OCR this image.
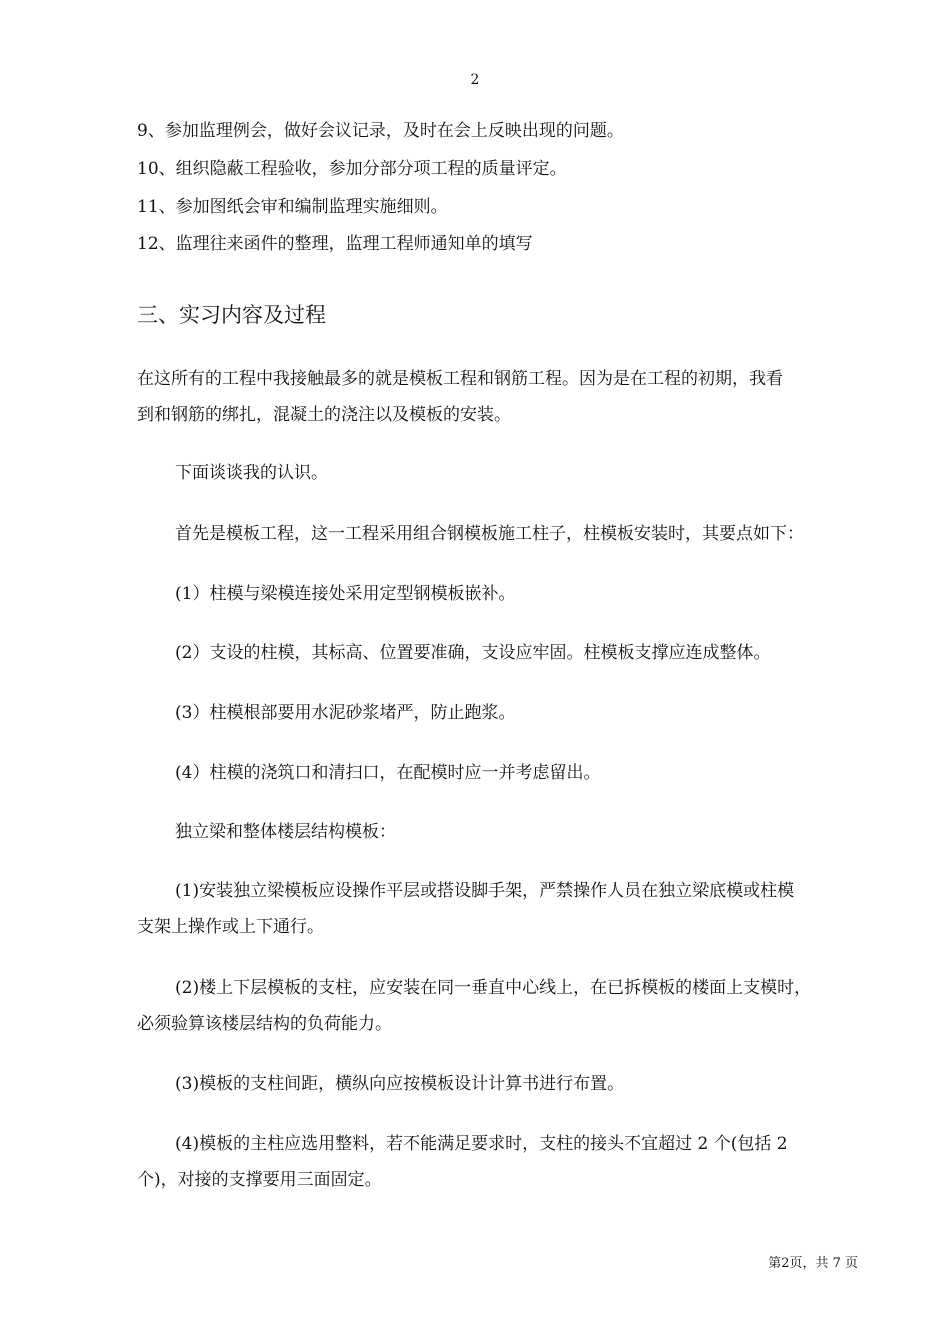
2
9、参加监理例会，做好会议记录，及时在会上反映出现的问题。
10、组织隐蔽工程验收，参加分部分项工程的质量评定。
11、参加图纸会审和编制监理实施细则。
12、监理往来函件的整理，监理工程师通知单的填写
三、实习内容及过程
在这所有的工程中我接触最多的就是模板工程和钢筋工程。因为是在工程的初期，我看
到和钢筋的绑扎，混凝土的浇注以及模板的安装。
下面谈谈我的认识。
首先是模板工程，这一工程采用组合钢模板施工柱子，柱模板安装时，其要点如下：
(1）柱模与梁模连接处采用定型钢模板嵌补。
(2）支设的柱模，其标高、位置要准确，支设应牢固。柱模板支撑应连成整体。
(3）柱模根部要用水泥砂浆堵严，防止跑浆。
(4）柱模的浇筑口和清扫口，在配模时应一并考虑留出。
独立梁和整体楼层结构模板：
(1)安装独立梁模板应设操作平层或搭设脚手架，严禁操作人员在独立梁底模或柱模
支架上操作或上下通行。
(2)楼上下层模板的支柱，应安装在同一垂直中心线上，在已拆模板的楼面上支模时，
必须验算该楼层结构的负荷能力。
(3)模板的支柱间距，横纵向应按模板设计计算书进行布置。
(4)模板的主柱应选用整料，若不能满足要求时，支柱的接头不宜超过 2 个(包括 2
个)，对接的支撑要用三面固定。
第2页，共 7 页
